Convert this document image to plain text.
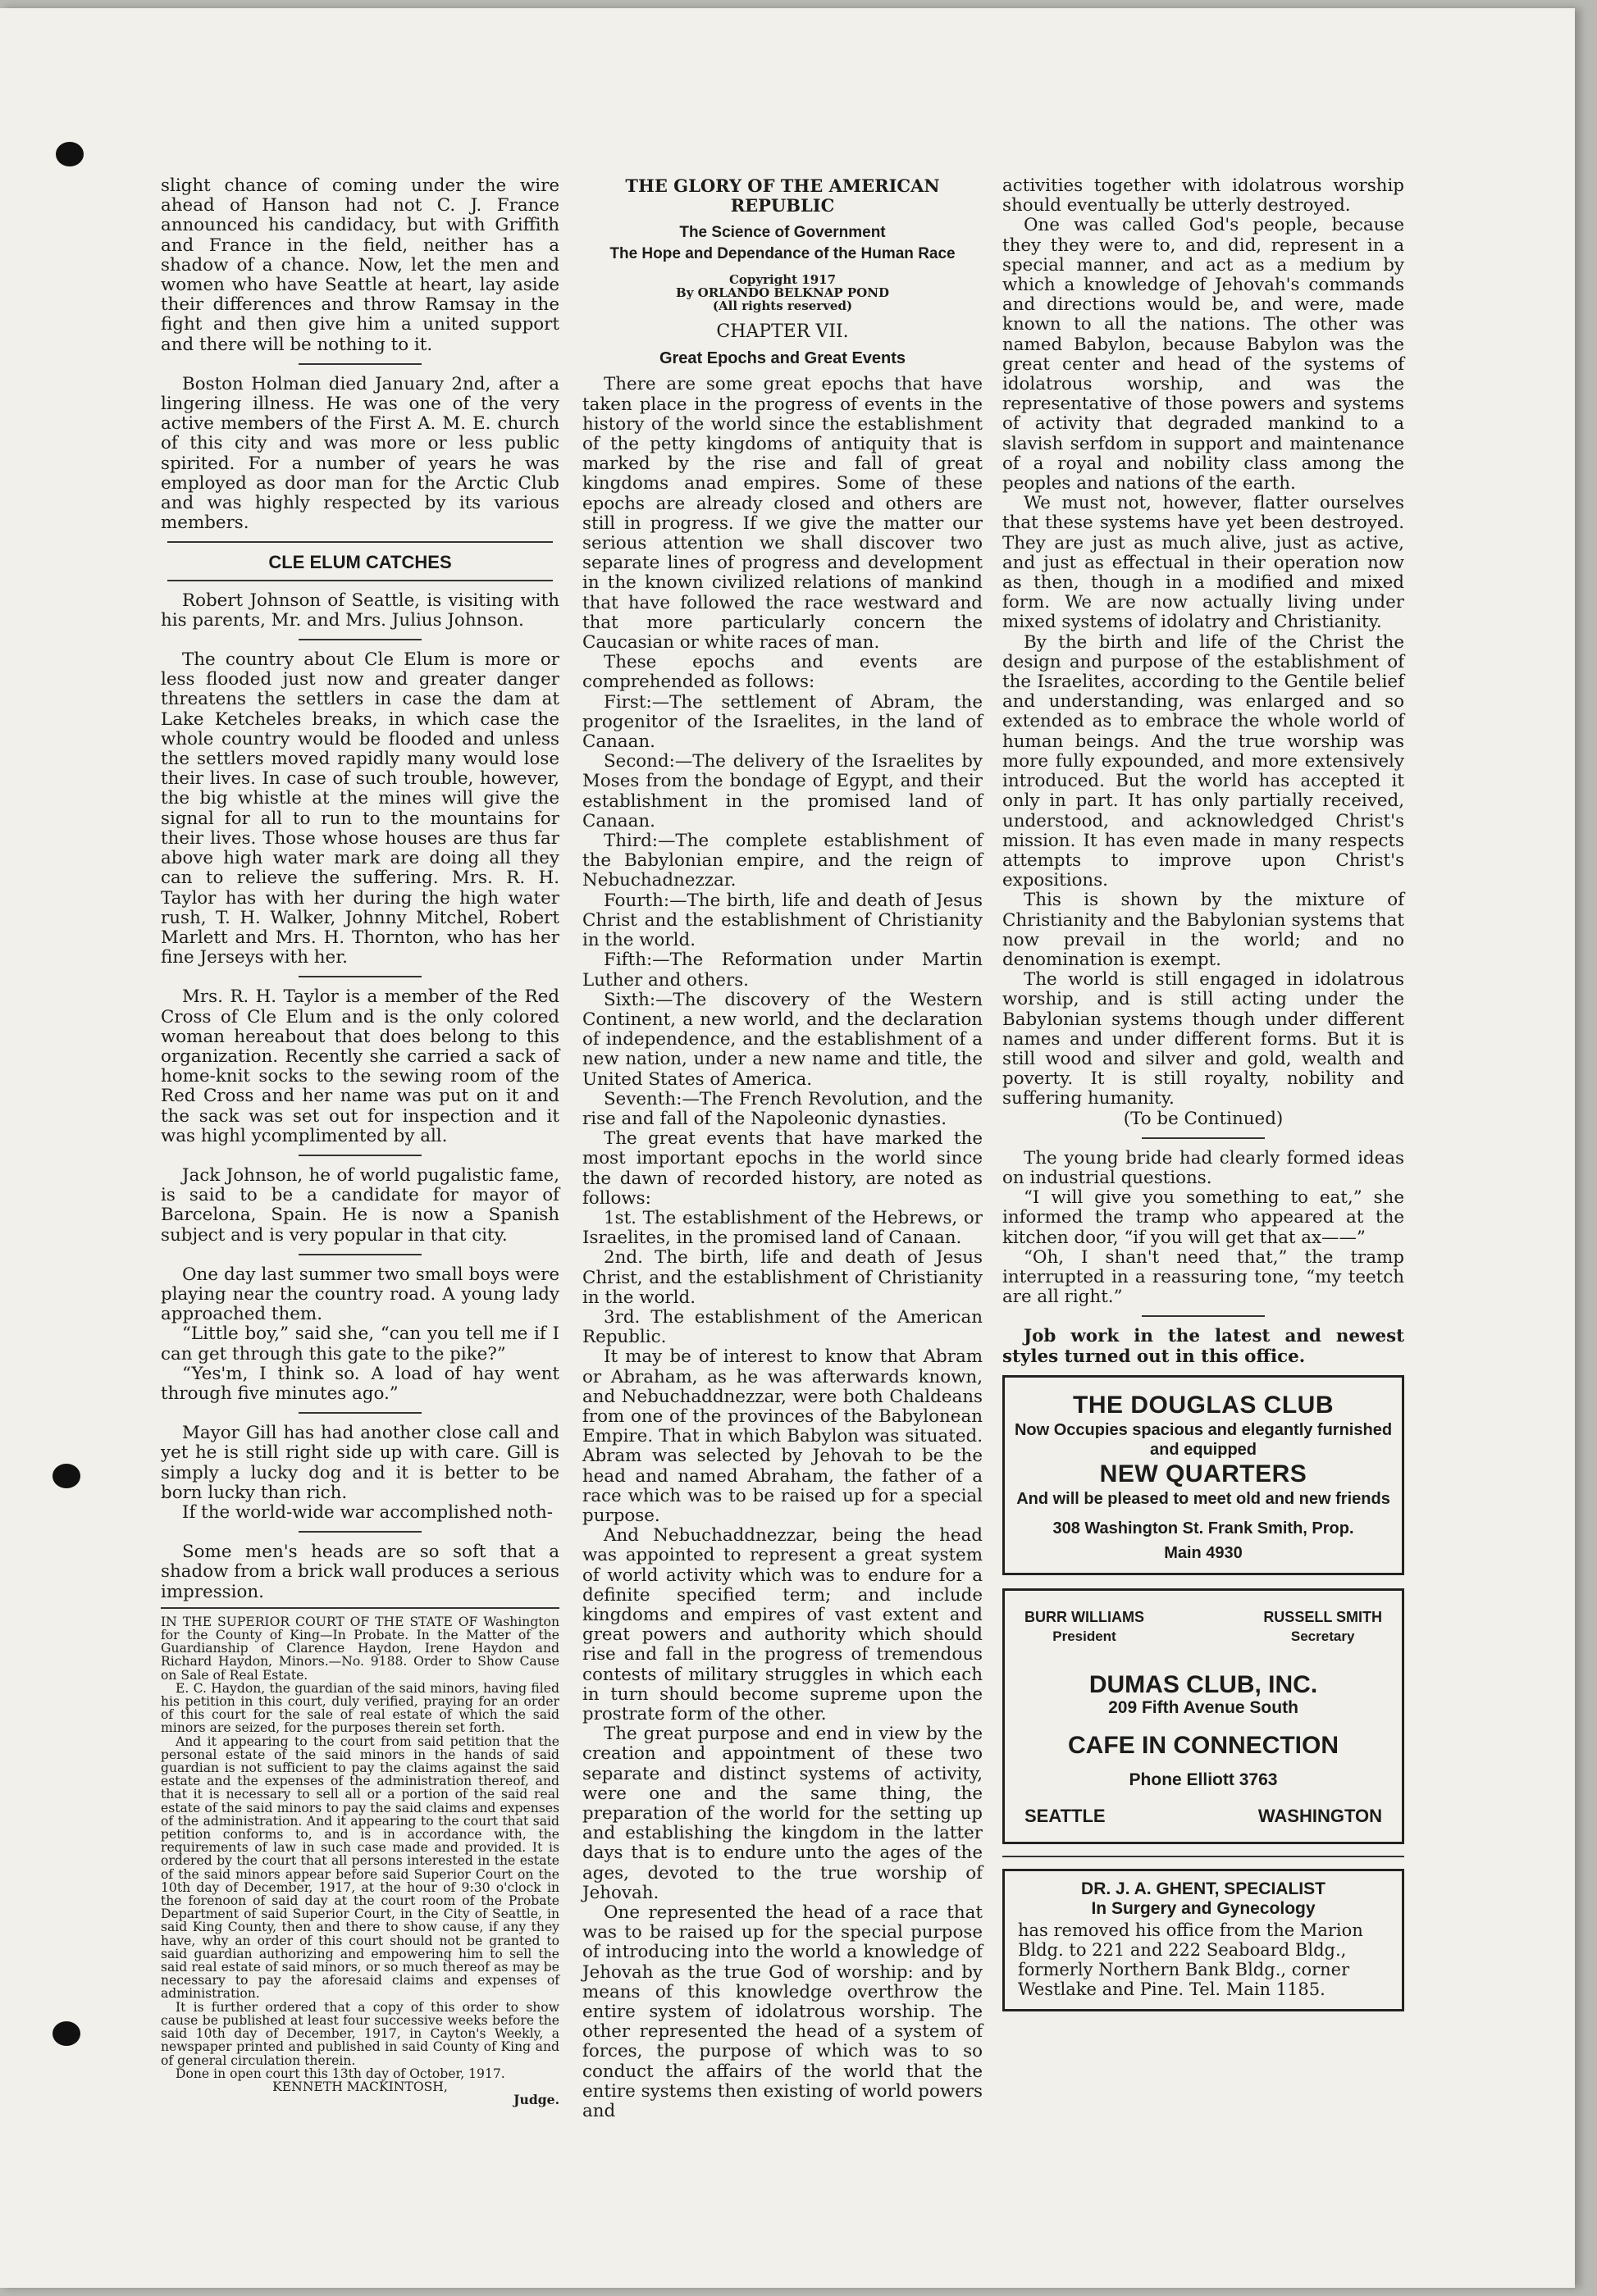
slight chance of coming under the wire ahead of Hanson had not C. J. France announced his candidacy, but with Griffith and France in the field, neither has a shadow of a chance. Now, let the men and women who have Seattle at heart, lay aside their differences and throw Ramsay in the fight and then give him a united support and there will be nothing to it.

Boston Holman died January 2nd, after a lingering illness. He was one of the very active members of the First A. M. E. church of this city and was more or less public spirited. For a number of years he was employed as door man for the Arctic Club and was highly respected by its various members.

CLE ELUM CATCHES

Robert Johnson of Seattle, is visiting with his parents, Mr. and Mrs. Julius Johnson.

The country about Cle Elum is more or less flooded just now and greater danger threatens the settlers in case the dam at Lake Ketcheles breaks, in which case the whole country would be flooded and unless the settlers moved rapidly many would lose their lives. In case of such trouble, however, the big whistle at the mines will give the signal for all to run to the mountains for their lives. Those whose houses are thus far above high water mark are doing all they can to relieve the suffering. Mrs. R. H. Taylor has with her during the high water rush, T. H. Walker, Johnny Mitchel, Robert Marlett and Mrs. H. Thornton, who has her fine Jerseys with her.

Mrs. R. H. Taylor is a member of the Red Cross of Cle Elum and is the only colored woman hereabout that does belong to this organization. Recently she carried a sack of home-knit socks to the sewing room of the Red Cross and her name was put on it and the sack was set out for inspection and it was highl ycomplimented by all.

Jack Johnson, he of world pugalistic fame, is said to be a candidate for mayor of Barcelona, Spain. He is now a Spanish subject and is very popular in that city.

One day last summer two small boys were playing near the country road. A young lady approached them.

“Little boy,” said she, “can you tell me if I can get through this gate to the pike?”

“Yes'm, I think so. A load of hay went through five minutes ago.”

Mayor Gill has had another close call and yet he is still right side up with care. Gill is simply a lucky dog and it is better to be born lucky than rich.

If the world-wide war accomplished noth-

Some men's heads are so soft that a shadow from a brick wall produces a serious impression.

IN THE SUPERIOR COURT OF THE STATE OF Washington for the County of King—In Probate. In the Matter of the Guardianship of Clarence Haydon, Irene Haydon and Richard Haydon, Minors.—No. 9188. Order to Show Cause on Sale of Real Estate.

E. C. Haydon, the guardian of the said minors, having filed his petition in this court, duly verified, praying for an order of this court for the sale of real estate of which the said minors are seized, for the purposes therein set forth.

And it appearing to the court from said petition that the personal estate of the said minors in the hands of said guardian is not sufficient to pay the claims against the said estate and the expenses of the administration thereof, and that it is necessary to sell all or a portion of the said real estate of the said minors to pay the said claims and expenses of the administration. And it appearing to the court that said petition conforms to, and is in accordance with, the requirements of law in such case made and provided. It is ordered by the court that all persons interested in the estate of the said minors appear before said Superior Court on the 10th day of December, 1917, at the hour of 9:30 o'clock in the forenoon of said day at the court room of the Probate Department of said Superior Court, in the City of Seattle, in said King County, then and there to show cause, if any they have, why an order of this court should not be granted to said guardian authorizing and empowering him to sell the said real estate of said minors, or so much thereof as may be necessary to pay the aforesaid claims and expenses of administration.

It is further ordered that a copy of this order to show cause be published at least four successive weeks before the said 10th day of December, 1917, in Cayton's Weekly, a newspaper printed and published in said County of King and of general circulation therein.

Done in open court this 13th day of October, 1917.

KENNETH MACKINTOSH,

Judge.

THE GLORY OF THE AMERICAN REPUBLIC
The Science of Government
The Hope and Dependance of the Human Race
Copyright 1917
By ORLANDO BELKNAP POND
(All rights reserved)
CHAPTER VII.
Great Epochs and Great Events

There are some great epochs that have taken place in the progress of events in the history of the world since the establishment of the petty kingdoms of antiquity that is marked by the rise and fall of great kingdoms anad empires. Some of these epochs are already closed and others are still in progress. If we give the matter our serious attention we shall discover two separate lines of progress and development in the known civilized relations of mankind that have followed the race westward and that more particularly concern the Caucasian or white races of man.

These epochs and events are comprehended as follows:

First:—The settlement of Abram, the progenitor of the Israelites, in the land of Canaan.

Second:—The delivery of the Israelites by Moses from the bondage of Egypt, and their establishment in the promised land of Canaan.

Third:—The complete establishment of the Babylonian empire, and the reign of Nebuchadnezzar.

Fourth:—The birth, life and death of Jesus Christ and the establishment of Christianity in the world.

Fifth:—The Reformation under Martin Luther and others.

Sixth:—The discovery of the Western Continent, a new world, and the declaration of independence, and the establishment of a new nation, under a new name and title, the United States of America.

Seventh:—The French Revolution, and the rise and fall of the Napoleonic dynasties.

The great events that have marked the most important epochs in the world since the dawn of recorded history, are noted as follows:

1st. The establishment of the Hebrews, or Israelites, in the promised land of Canaan.

2nd. The birth, life and death of Jesus Christ, and the establishment of Christianity in the world.

3rd. The establishment of the American Republic.

It may be of interest to know that Abram or Abraham, as he was afterwards known, and Nebuchaddnezzar, were both Chaldeans from one of the provinces of the Babylonean Empire. That in which Babylon was situated. Abram was selected by Jehovah to be the head and named Abraham, the father of a race which was to be raised up for a special purpose.

And Nebuchaddnezzar, being the head was appointed to represent a great system of world activity which was to endure for a definite specified term; and include kingdoms and empires of vast extent and great powers and authority which should rise and fall in the progress of tremendous contests of military struggles in which each in turn should become supreme upon the prostrate form of the other.

The great purpose and end in view by the creation and appointment of these two separate and distinct systems of activity, were one and the same thing, the preparation of the world for the setting up and establishing the kingdom in the latter days that is to endure unto the ages of the ages, devoted to the true worship of Jehovah.

One represented the head of a race that was to be raised up for the special purpose of introducing into the world a knowledge of Jehovah as the true God of worship: and by means of this knowledge overthrow the entire system of idolatrous worship. The other represented the head of a system of forces, the purpose of which was to so conduct the affairs of the world that the entire systems then existing of world powers and

activities together with idolatrous worship should eventually be utterly destroyed.

One was called God's people, because they they were to, and did, represent in a special manner, and act as a medium by which a knowledge of Jehovah's commands and directions would be, and were, made known to all the nations. The other was named Babylon, because Babylon was the great center and head of the systems of idolatrous worship, and was the representative of those powers and systems of activity that degraded mankind to a slavish serfdom in support and maintenance of a royal and nobility class among the peoples and nations of the earth.

We must not, however, flatter ourselves that these systems have yet been destroyed. They are just as much alive, just as active, and just as effectual in their operation now as then, though in a modified and mixed form. We are now actually living under mixed systems of idolatry and Christianity.

By the birth and life of the Christ the design and purpose of the establishment of the Israelites, according to the Gentile belief and understanding, was enlarged and so extended as to embrace the whole world of human beings. And the true worship was more fully expounded, and more extensively introduced. But the world has accepted it only in part. It has only partially received, understood, and acknowledged Christ's mission. It has even made in many respects attempts to improve upon Christ's expositions.

This is shown by the mixture of Christianity and the Babylonian systems that now prevail in the world; and no denomination is exempt.

The world is still engaged in idolatrous worship, and is still acting under the Babylonian systems though under different names and under different forms. But it is still wood and silver and gold, wealth and poverty. It is still royalty, nobility and suffering humanity.

(To be Continued)

The young bride had clearly formed ideas on industrial questions.

“I will give you something to eat,” she informed the tramp who appeared at the kitchen door, “if you will get that ax——”

“Oh, I shan't need that,” the tramp interrupted in a reassuring tone, “my teetch are all right.”

Job work in the latest and newest styles turned out in this office.

THE DOUGLAS CLUB
Now Occupies spacious and elegantly furnished and equipped
NEW QUARTERS
And will be pleased to meet old and new friends
308 Washington St. Frank Smith, Prop.
Main 4930
BURR WILLIAMS
President
RUSSELL SMITH
Secretary
DUMAS CLUB, INC.
209 Fifth Avenue South
CAFE IN CONNECTION
Phone Elliott 3763
SEATTLE	WASHINGTON
DR. J. A. GHENT, SPECIALIST
In Surgery and Gynecology
has removed his office from the Marion Bldg. to 221 and 222 Seaboard Bldg., formerly Northern Bank Bldg., corner Westlake and Pine. Tel. Main 1185.
